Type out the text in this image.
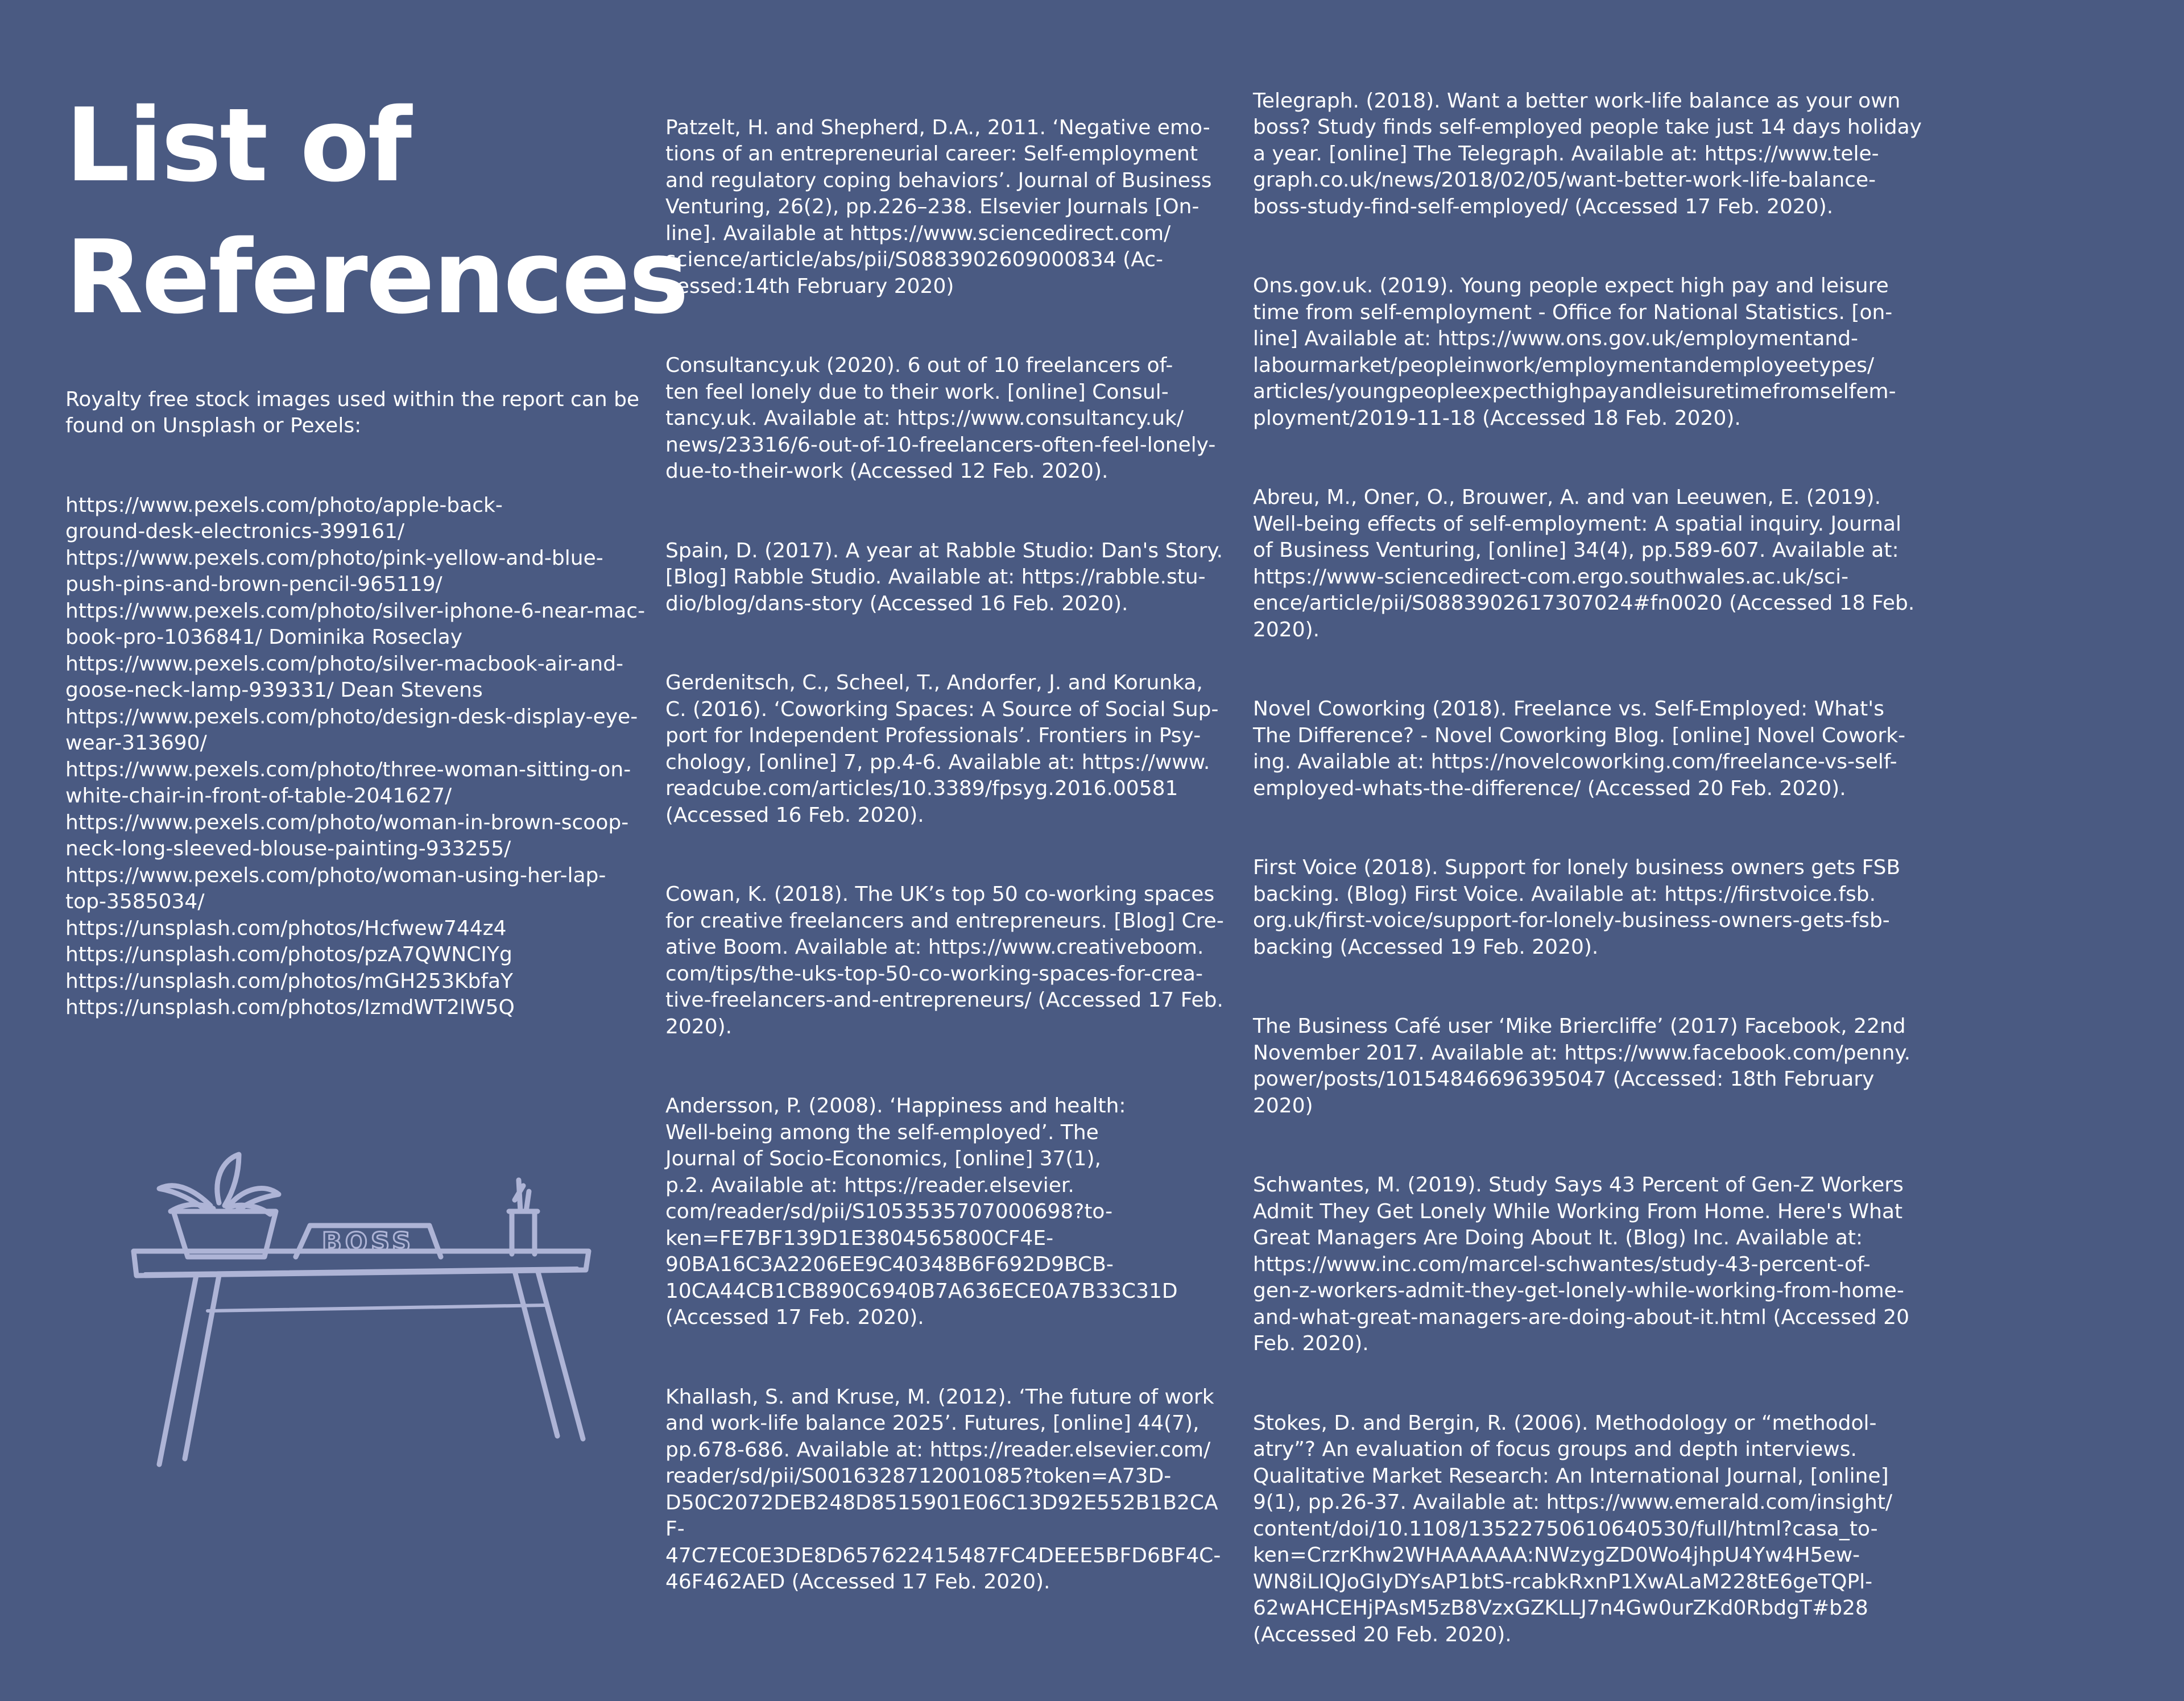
List of
References

Royalty free stock images used within the report can be
found on Unsplash or Pexels:

https://www.pexels.com/photo/apple-back-
ground-desk-electronics-399161/
https://www.pexels.com/photo/pink-yellow-and-blue-
push-pins-and-brown-pencil-965119/
https://www.pexels.com/photo/silver-iphone-6-near-mac-
book-pro-1036841/ Dominika Roseclay
https://www.pexels.com/photo/silver-macbook-air-and-
goose-neck-lamp-939331/ Dean Stevens
https://www.pexels.com/photo/design-desk-display-eye-
wear-313690/
https://www.pexels.com/photo/three-woman-sitting-on-
white-chair-in-front-of-table-2041627/
https://www.pexels.com/photo/woman-in-brown-scoop-
neck-long-sleeved-blouse-painting-933255/
https://www.pexels.com/photo/woman-using-her-lap-
top-3585034/
https://unsplash.com/photos/Hcfwew744z4
https://unsplash.com/photos/pzA7QWNCIYg
https://unsplash.com/photos/mGH253KbfaY
https://unsplash.com/photos/IzmdWT2lW5Q

Patzelt, H. and Shepherd, D.A., 2011. ‘Negative emo-
tions of an entrepreneurial career: Self-employment
and regulatory coping behaviors’. Journal of Business
Venturing, 26(2), pp.226–238. Elsevier Journals [On-
line]. Available at https://www.sciencedirect.com/
science/article/abs/pii/S0883902609000834 (Ac-
cessed:14th February 2020)

Consultancy.uk (2020). 6 out of 10 freelancers of-
ten feel lonely due to their work. [online] Consul-
tancy.uk. Available at: https://www.consultancy.uk/
news/23316/6-out-of-10-freelancers-often-feel-lonely-
due-to-their-work (Accessed 12 Feb. 2020).

Spain, D. (2017). A year at Rabble Studio: Dan's Story.
[Blog] Rabble Studio. Available at: https://rabble.stu-
dio/blog/dans-story (Accessed 16 Feb. 2020).

Gerdenitsch, C., Scheel, T., Andorfer, J. and Korunka,
C. (2016). ‘Coworking Spaces: A Source of Social Sup-
port for Independent Professionals’. Frontiers in Psy-
chology, [online] 7, pp.4-6. Available at: https://www.
readcube.com/articles/10.3389/fpsyg.2016.00581
(Accessed 16 Feb. 2020).

Cowan, K. (2018). The UK’s top 50 co-working spaces
for creative freelancers and entrepreneurs. [Blog] Cre-
ative Boom. Available at: https://www.creativeboom.
com/tips/the-uks-top-50-co-working-spaces-for-crea-
tive-freelancers-and-entrepreneurs/ (Accessed 17 Feb.
2020).

Andersson, P. (2008). ‘Happiness and health:
Well-being among the self-employed’. The
Journal of Socio-Economics, [online] 37(1),
p.2. Available at: https://reader.elsevier.
com/reader/sd/pii/S1053535707000698?to-
ken=FE7BF139D1E3804565800CF4E-
90BA16C3A2206EE9C40348B6F692D9BCB-
10CA44CB1CB890C6940B7A636ECE0A7B33C31D
(Accessed 17 Feb. 2020).

Khallash, S. and Kruse, M. (2012). ‘The future of work
and work-life balance 2025’. Futures, [online] 44(7),
pp.678-686. Available at: https://reader.elsevier.com/
reader/sd/pii/S0016328712001085?token=A73D-
D50C2072DEB248D8515901E06C13D92E552B1B2CAF-
47C7EC0E3DE8D657622415487FC4DEEE5BFD6BF4C-
46F462AED (Accessed 17 Feb. 2020).

Telegraph. (2018). Want a better work-life balance as your own
boss? Study finds self-employed people take just 14 days holiday
a year. [online] The Telegraph. Available at: https://www.tele-
graph.co.uk/news/2018/02/05/want-better-work-life-balance-
boss-study-find-self-employed/ (Accessed 17 Feb. 2020).

Ons.gov.uk. (2019). Young people expect high pay and leisure
time from self-employment - Office for National Statistics. [on-
line] Available at: https://www.ons.gov.uk/employmentand-
labourmarket/peopleinwork/employmentandemployeetypes/
articles/youngpeopleexpecthighpayandleisuretimefromselfem-
ployment/2019-11-18 (Accessed 18 Feb. 2020).

Abreu, M., Oner, O., Brouwer, A. and van Leeuwen, E. (2019).
Well-being effects of self-employment: A spatial inquiry. Journal
of Business Venturing, [online] 34(4), pp.589-607. Available at:
https://www-sciencedirect-com.ergo.southwales.ac.uk/sci-
ence/article/pii/S0883902617307024#fn0020 (Accessed 18 Feb.
2020).

Novel Coworking (2018). Freelance vs. Self-Employed: What's
The Difference? - Novel Coworking Blog. [online] Novel Cowork-
ing. Available at: https://novelcoworking.com/freelance-vs-self-
employed-whats-the-difference/ (Accessed 20 Feb. 2020).

First Voice (2018). Support for lonely business owners gets FSB
backing. (Blog) First Voice. Available at: https://firstvoice.fsb.
org.uk/first-voice/support-for-lonely-business-owners-gets-fsb-
backing (Accessed 19 Feb. 2020).

The Business Café user ‘Mike Briercliffe’ (2017) Facebook, 22nd
November 2017. Available at: https://www.facebook.com/penny.
power/posts/10154846696395047 (Accessed: 18th February
2020)

Schwantes, M. (2019). Study Says 43 Percent of Gen-Z Workers
Admit They Get Lonely While Working From Home. Here's What
Great Managers Are Doing About It. (Blog) Inc. Available at:
https://www.inc.com/marcel-schwantes/study-43-percent-of-
gen-z-workers-admit-they-get-lonely-while-working-from-home-
and-what-great-managers-are-doing-about-it.html (Accessed 20
Feb. 2020).

Stokes, D. and Bergin, R. (2006). Methodology or “methodol-
atry”? An evaluation of focus groups and depth interviews.
Qualitative Market Research: An International Journal, [online]
9(1), pp.26-37. Available at: https://www.emerald.com/insight/
content/doi/10.1108/13522750610640530/full/html?casa_to-
ken=CrzrKhw2WHAAAAAA:NWzygZD0Wo4jhpU4Yw4H5ew-
WN8iLIQJoGIyDYsAP1btS-rcabkRxnP1XwALaM228tE6geTQPl-
62wAHCEHjPAsM5zB8VzxGZKLLJ7n4Gw0urZKd0RbdgT#b28
(Accessed 20 Feb. 2020).

BOSS
